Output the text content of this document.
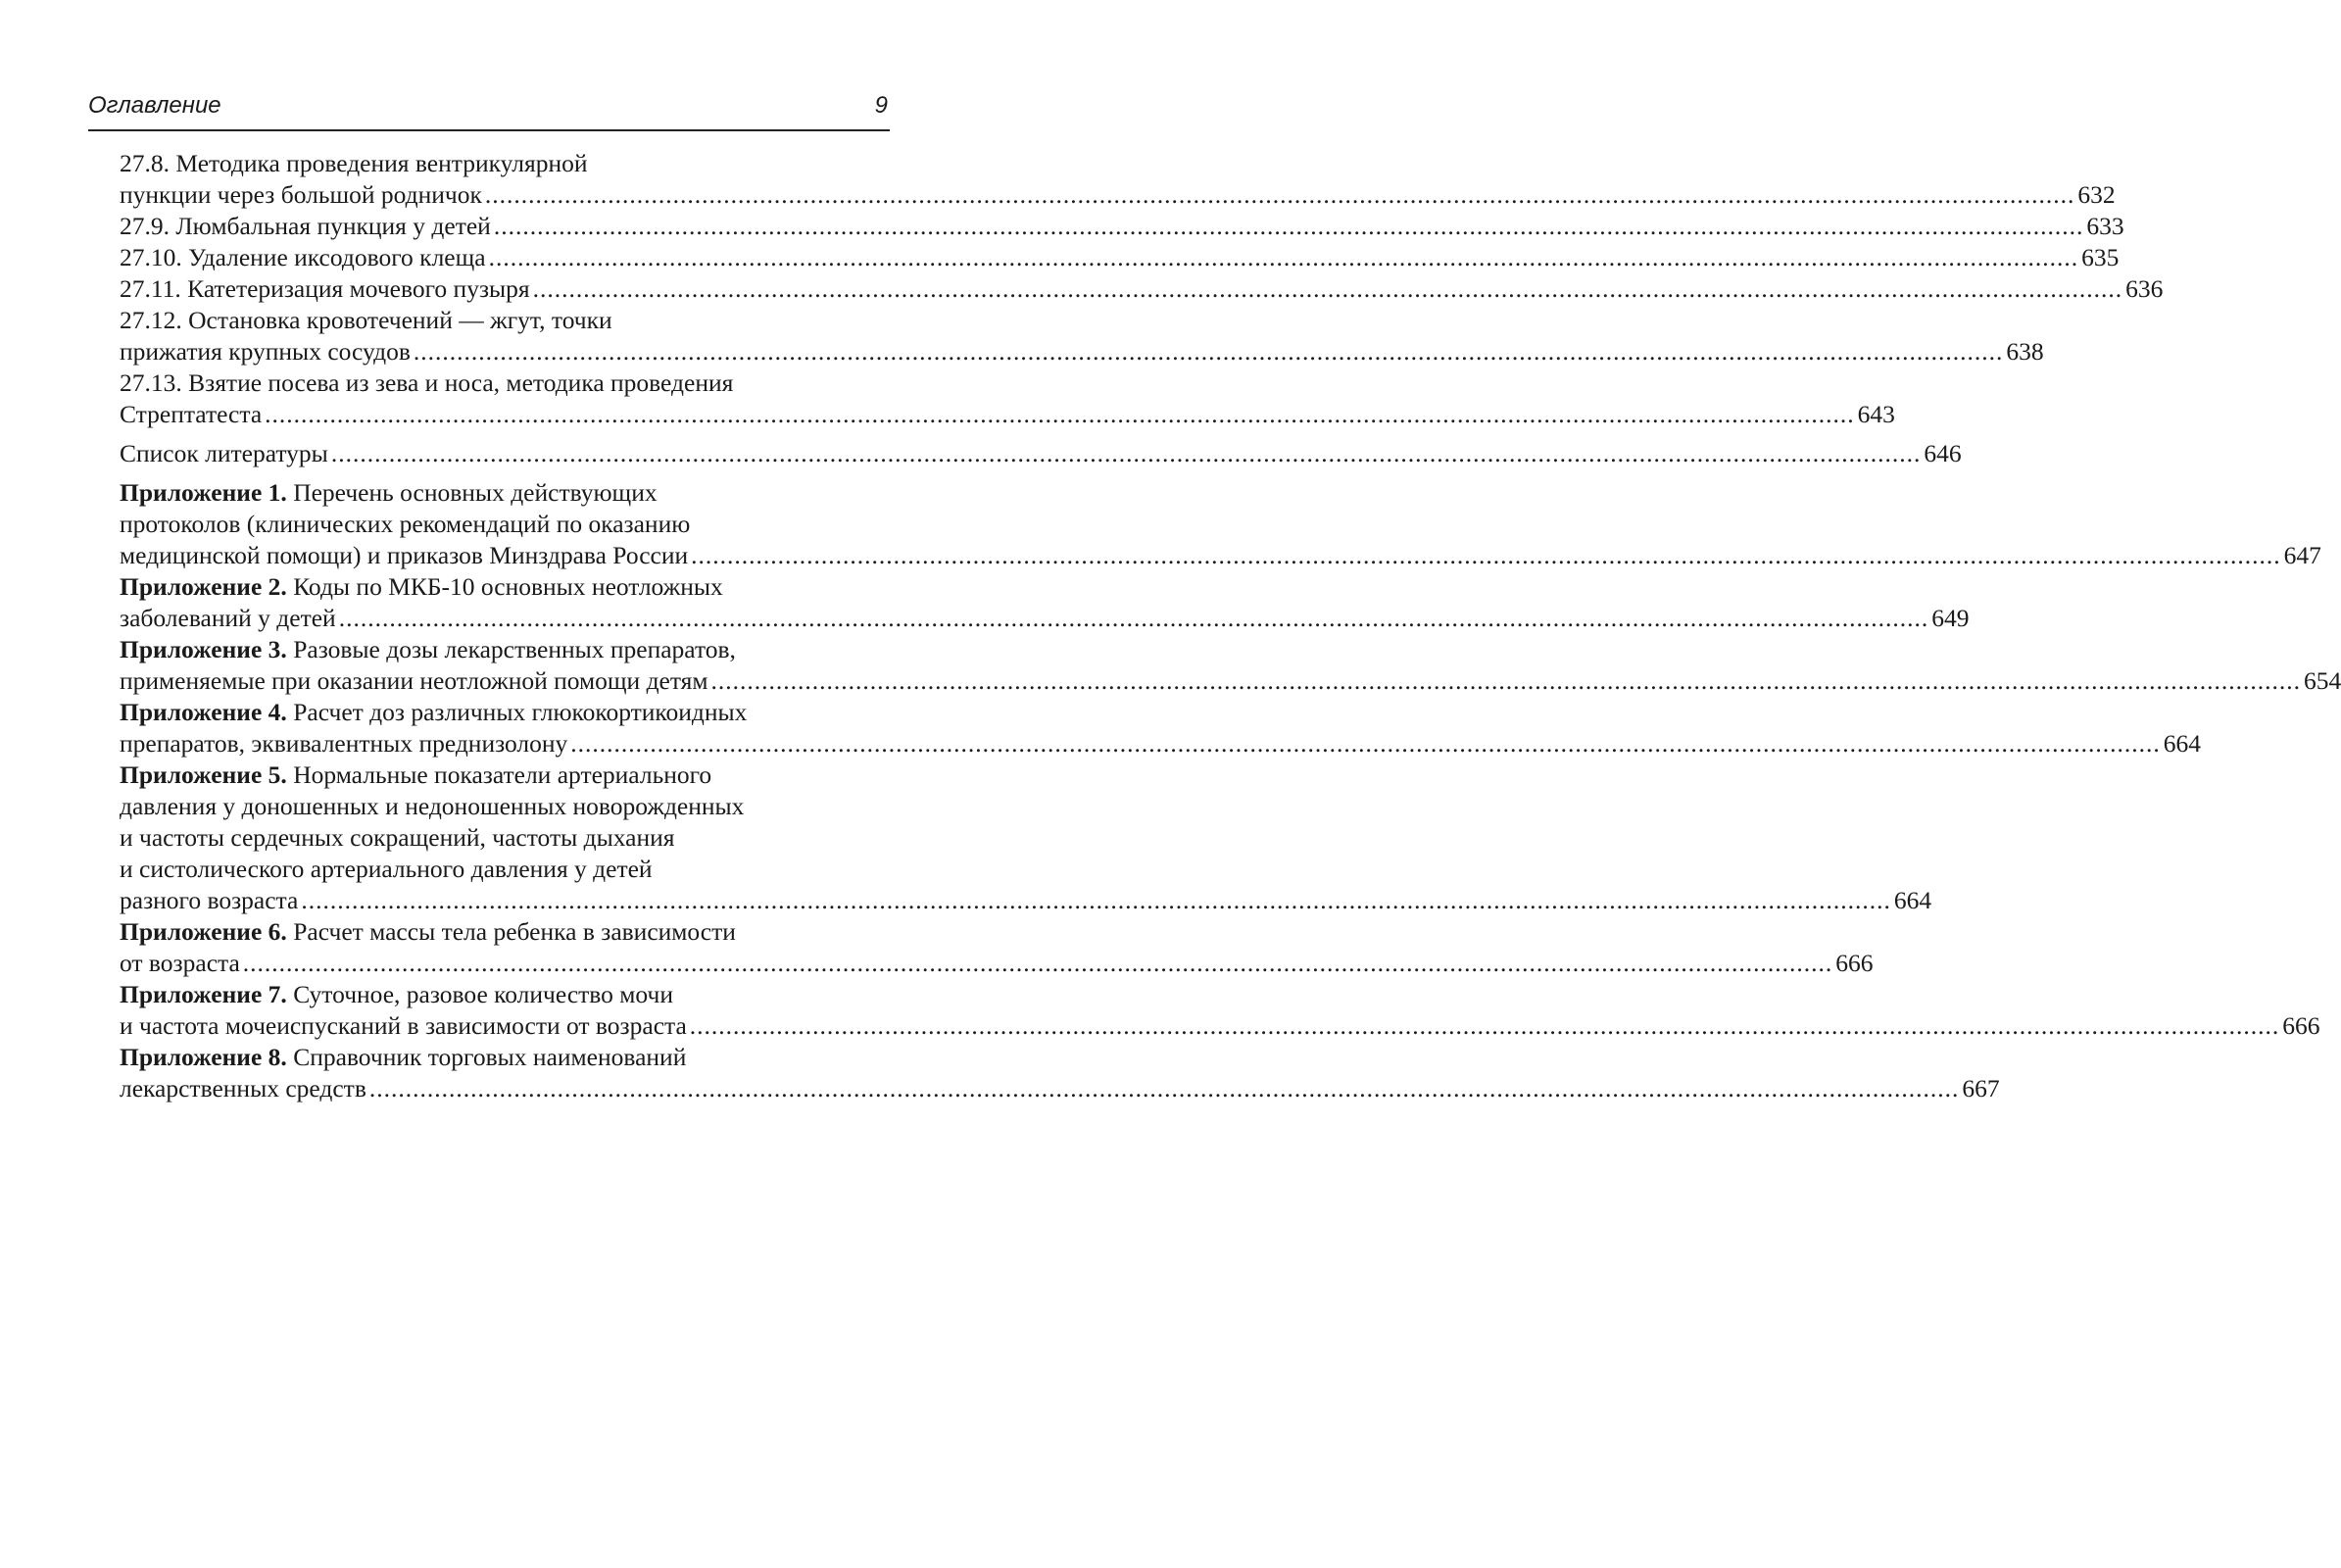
Оглавление	9
27.8. Методика проведения вентрикулярной
пункции через большой родничок ............................................................................................................................................................................................................................ 632
27.9. Люмбальная пункция у детей ............................................................................................................................................................................................................................ 633
27.10. Удаление иксодового клеща ............................................................................................................................................................................................................................ 635
27.11. Катетеризация мочевого пузыря ............................................................................................................................................................................................................................ 636
27.12. Остановка кровотечений — жгут, точки
прижатия крупных сосудов ............................................................................................................................................................................................................................ 638
27.13. Взятие посева из зева и носа, методика проведения
Стрептатеста ............................................................................................................................................................................................................................ 643
Список литературы ............................................................................................................................................................................................................................ 646
Приложение 1. Перечень основных действующих
протоколов (клинических рекомендаций по оказанию
медицинской помощи) и приказов Минздрава России ............................................................................................................................................................................................................................ 647
Приложение 2. Коды по МКБ-10 основных неотложных
заболеваний у детей ............................................................................................................................................................................................................................ 649
Приложение 3. Разовые дозы лекарственных препаратов,
применяемые при оказании неотложной помощи детям ............................................................................................................................................................................................................................ 654
Приложение 4. Расчет доз различных глюкокортикоидных
препаратов, эквивалентных преднизолону ............................................................................................................................................................................................................................ 664
Приложение 5. Нормальные показатели артериального
давления у доношенных и недоношенных новорожденных
и частоты сердечных сокращений, частоты дыхания
и систолического артериального давления у детей
разного возраста ............................................................................................................................................................................................................................ 664
Приложение 6. Расчет массы тела ребенка в зависимости
от возраста ............................................................................................................................................................................................................................ 666
Приложение 7. Суточное, разовое количество мочи
и частота мочеиспусканий в зависимости от возраста ............................................................................................................................................................................................................................ 666
Приложение 8. Справочник торговых наименований
лекарственных средств ............................................................................................................................................................................................................................ 667
